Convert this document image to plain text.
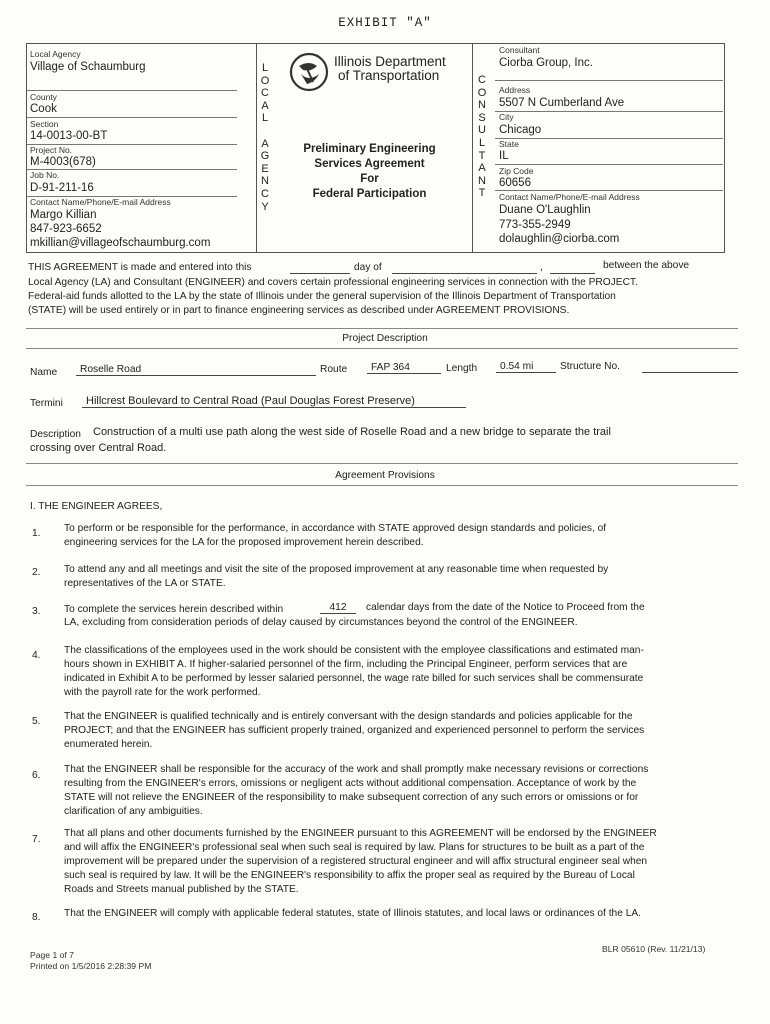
EXHIBIT "A"
Local Agency
Village of Schaumburg
County
Cook
Section
14-0013-00-BT
Project No.
M-4003(678)
Job No.
D-91-211-16
Contact Name/Phone/E-mail Address
Margo Killian
847-923-6652
mkillian@villageofschaumburg.com
L
O
C
A
L

A
G
E
N
C
Y
Illinois Department
of Transportation
Preliminary Engineering
Services Agreement
For
Federal Participation
C
O
N
S
U
L
T
A
N
T
Consultant
Ciorba Group, Inc.
Address
5507 N Cumberland Ave
City
Chicago
State
IL
Zip Code
60656
Contact Name/Phone/E-mail Address
Duane O'Laughlin
773-355-2949
dolaughlin@ciorba.com
THIS AGREEMENT is made and entered into this	day of	,	between the above
Local Agency (LA) and Consultant (ENGINEER) and covers certain professional engineering services in connection with the PROJECT.
Federal-aid funds allotted to the LA by the state of Illinois under the general supervision of the Illinois Department of Transportation
(STATE) will be used entirely or in part to finance engineering services as described under AGREEMENT PROVISIONS.
Project Description
Name	Roselle Road	Route	FAP 364	Length	0.54 mi	Structure No.
Termini	Hillcrest Boulevard to Central Road (Paul Douglas Forest Preserve)
Description Construction of a multi use path along the west side of Roselle Road and a new bridge to separate the trail
crossing over Central Road.
Agreement Provisions
I. THE ENGINEER AGREES,
1. To perform or be responsible for the performance, in accordance with STATE approved design standards and policies, of
engineering services for the LA for the proposed improvement herein described.
2. To attend any and all meetings and visit the site of the proposed improvement at any reasonable time when requested by
representatives of the LA or STATE.
3. To complete the services herein described within	412	calendar days from the date of the Notice to Proceed from the
LA, excluding from consideration periods of delay caused by circumstances beyond the control of the ENGINEER.
4. The classifications of the employees used in the work should be consistent with the employee classifications and estimated man-
hours shown in EXHIBIT A. If higher-salaried personnel of the firm, including the Principal Engineer, perform services that are
indicated in Exhibit A to be performed by lesser salaried personnel, the wage rate billed for such services shall be commensurate
with the payroll rate for the work performed.
5. That the ENGINEER is qualified technically and is entirely conversant with the design standards and policies applicable for the
PROJECT; and that the ENGINEER has sufficient properly trained, organized and experienced personnel to perform the services
enumerated herein.
6.
That the ENGINEER shall be responsible for the accuracy of the work and shall promptly make necessary revisions or corrections
resulting from the ENGINEER's errors, omissions or negligent acts without additional compensation. Acceptance of work by the
STATE will not relieve the ENGINEER of the responsibility to make subsequent correction of any such errors or omissions or for
clarification of any ambiguities.
7.
That all plans and other documents furnished by the ENGINEER pursuant to this AGREEMENT will be endorsed by the ENGINEER
and will affix the ENGINEER's professional seal when such seal is required by law. Plans for structures to be built as a part of the
improvement will be prepared under the supervision of a registered structural engineer and will affix structural engineer seal when
such seal is required by law. It will be the ENGINEER's responsibility to affix the proper seal as required by the Bureau of Local
Roads and Streets manual published by the STATE.
8. That the ENGINEER will comply with applicable federal statutes, state of Illinois statutes, and local laws or ordinances of the LA.
Page 1 of 7
Printed on 1/5/2016 2:28:39 PM
BLR 05610 (Rev. 11/21/13)
